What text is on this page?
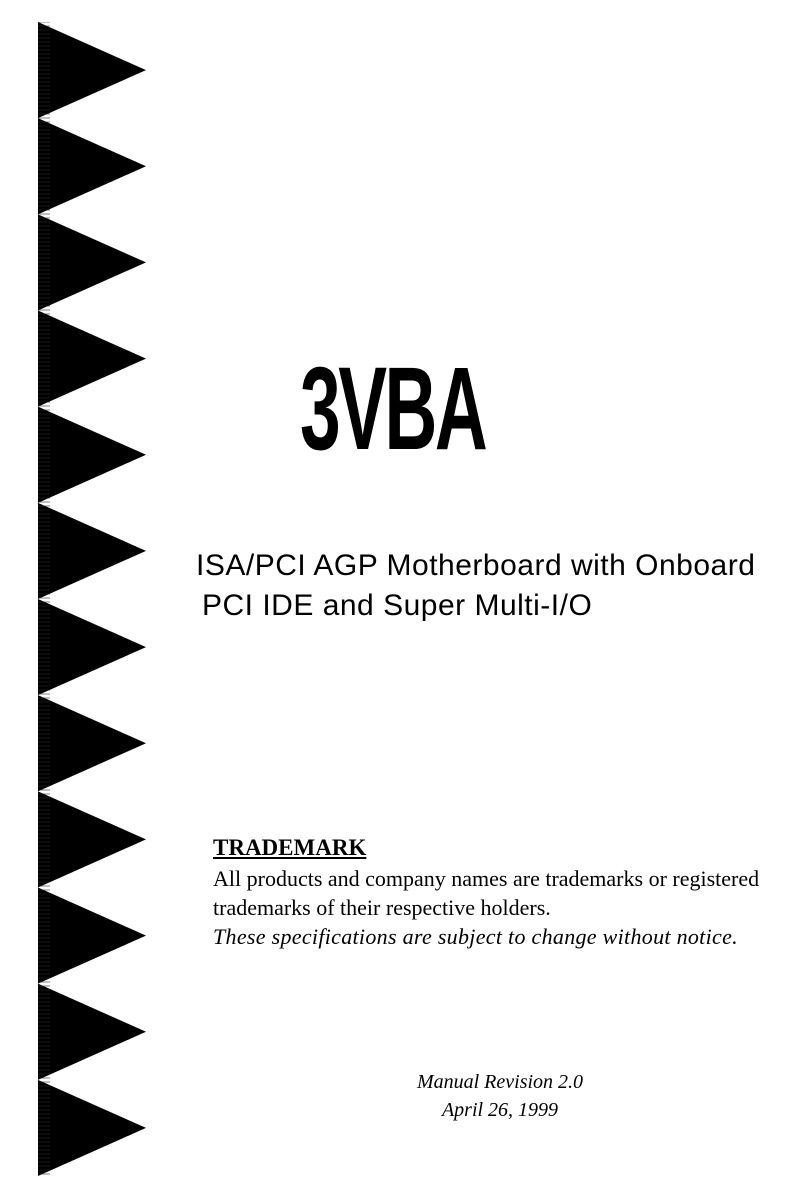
3VBA
ISA/PCI AGP Motherboard with Onboard
PCI IDE and Super Multi-I/O
TRADEMARK
All products and company names are trademarks or registered trademarks of their respective holders.
These specifications are subject to change without notice.
Manual Revision 2.0
April 26, 1999
